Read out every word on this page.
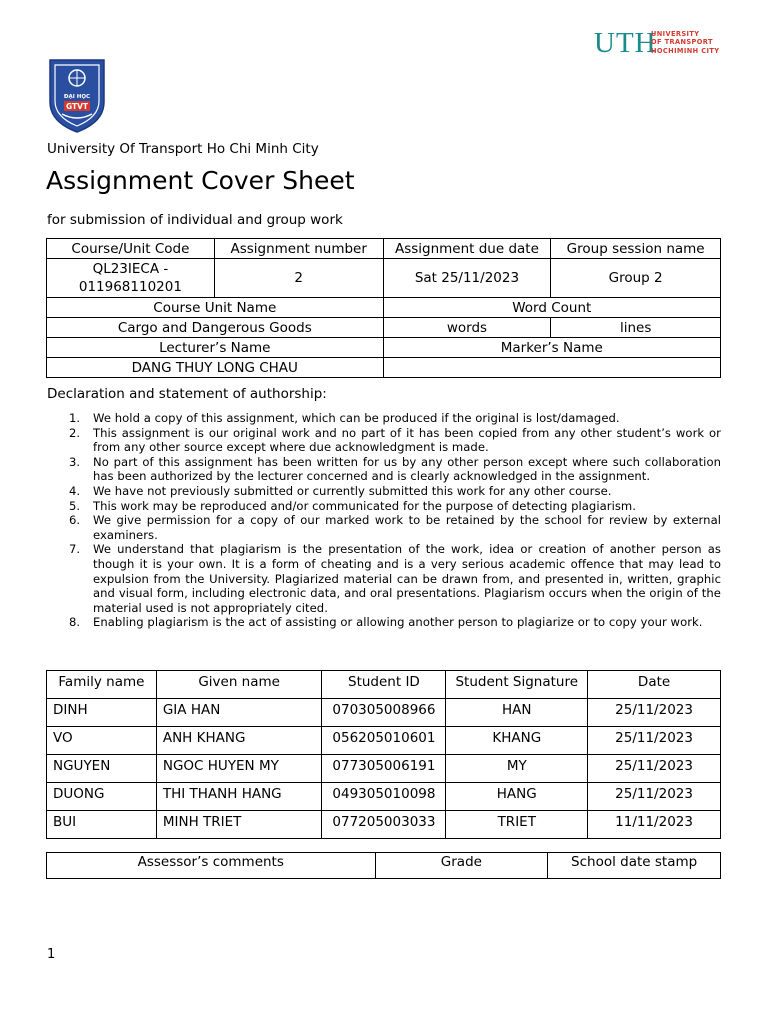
ĐẠI HỌC
GTVT
UTH
UNIVERSITY
OF TRANSPORT
HOCHIMINH CITY
University Of Transport Ho Chi Minh City
Assignment Cover Sheet
for submission of individual and group work
Course/Unit Code	Assignment number	Assignment due date	Group session name

QL23IECA -
011968110201	2	Sat 25/11/2023	Group 2
Course Unit Name		Word Count	
Cargo and Dangerous Goods		words	lines
Lecturer’s Name		Marker’s Name	
DANG THUY LONG CHAU			
Declaration and statement of authorship:
1. We hold a copy of this assignment, which can be produced if the original is lost/damaged.
2. This assignment is our original work and no part of it has been copied from any other student’s work or from any other source except where due acknowledgment is made.
3. No part of this assignment has been written for us by any other person except where such collaboration has been authorized by the lecturer concerned and is clearly acknowledged in the assignment.
4. We have not previously submitted or currently submitted this work for any other course.
5. This work may be reproduced and/or communicated for the purpose of detecting plagiarism.
6. We give permission for a copy of our marked work to be retained by the school for review by external examiners.
7. We understand that plagiarism is the presentation of the work, idea or creation of another person as though it is your own. It is a form of cheating and is a very serious academic offence that may lead to expulsion from the University. Plagiarized material can be drawn from, and presented in, written, graphic and visual form, including electronic data, and oral presentations. Plagiarism occurs when the origin of the material used is not appropriately cited.
8. Enabling plagiarism is the act of assisting or allowing another person to plagiarize or to copy your work.
Family name	Given name	Student ID	Student Signature	Date
DINH	GIA HAN	070305008966	HAN	25/11/2023
VO	ANH KHANG	056205010601	KHANG	25/11/2023
NGUYEN	NGOC HUYEN MY	077305006191	MY	25/11/2023
DUONG	THI THANH HANG	049305010098	HANG	25/11/2023
BUI	MINH TRIET	077205003033	TRIET	11/11/2023
Assessor’s comments	Grade	School date stamp
1
